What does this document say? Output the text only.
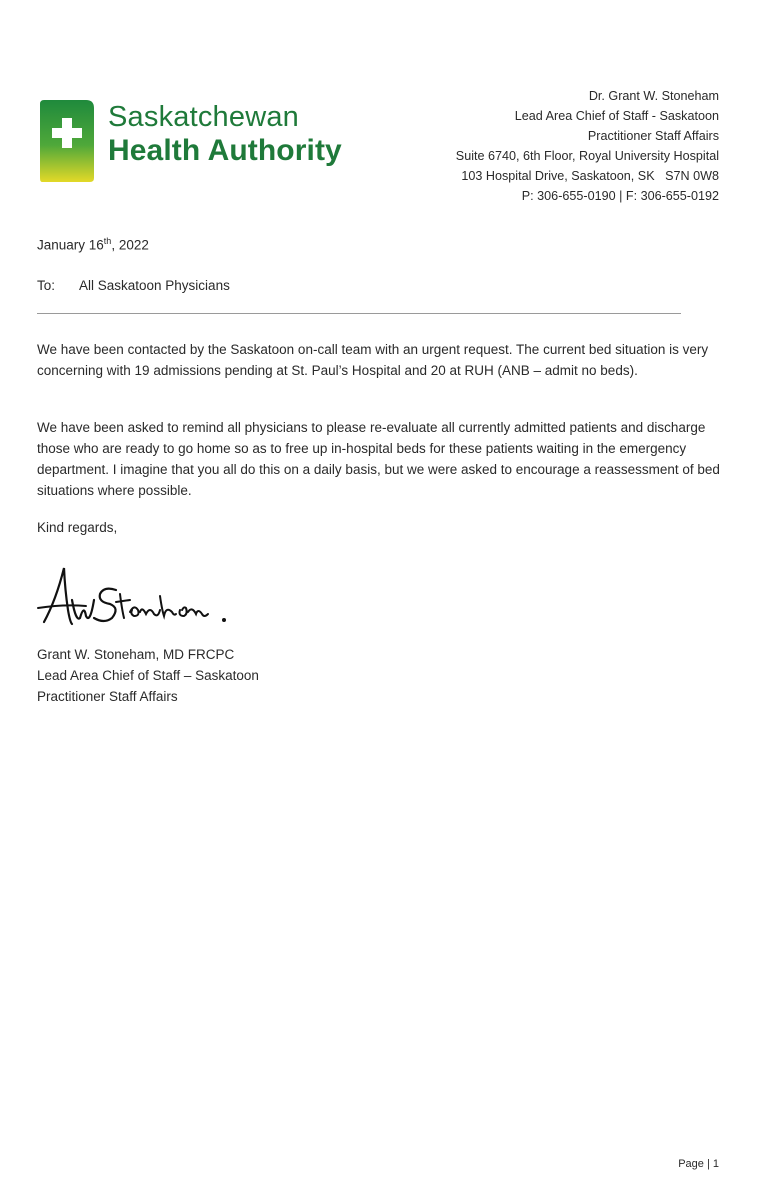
Saskatchewan
Health Authority
Dr. Grant W. Stoneham
Lead Area Chief of Staff - Saskatoon
Practitioner Staff Affairs
Suite 6740, 6th Floor, Royal University Hospital
103 Hospital Drive, Saskatoon, SK   S7N 0W8
P: 306-655-0190 | F: 306-655-0192
January 16th, 2022
To: All Saskatoon Physicians
We have been contacted by the Saskatoon on-call team with an urgent request. The current bed situation is very concerning with 19 admissions pending at St. Paul’s Hospital and 20 at RUH (ANB – admit no beds).
We have been asked to remind all physicians to please re-evaluate all currently admitted patients and discharge those who are ready to go home so as to free up in-hospital beds for these patients waiting in the emergency department. I imagine that you all do this on a daily basis, but we were asked to encourage a reassessment of bed situations where possible.
Kind regards,
Grant W. Stoneham, MD FRCPC
Lead Area Chief of Staff – Saskatoon
Practitioner Staff Affairs
Page | 1
